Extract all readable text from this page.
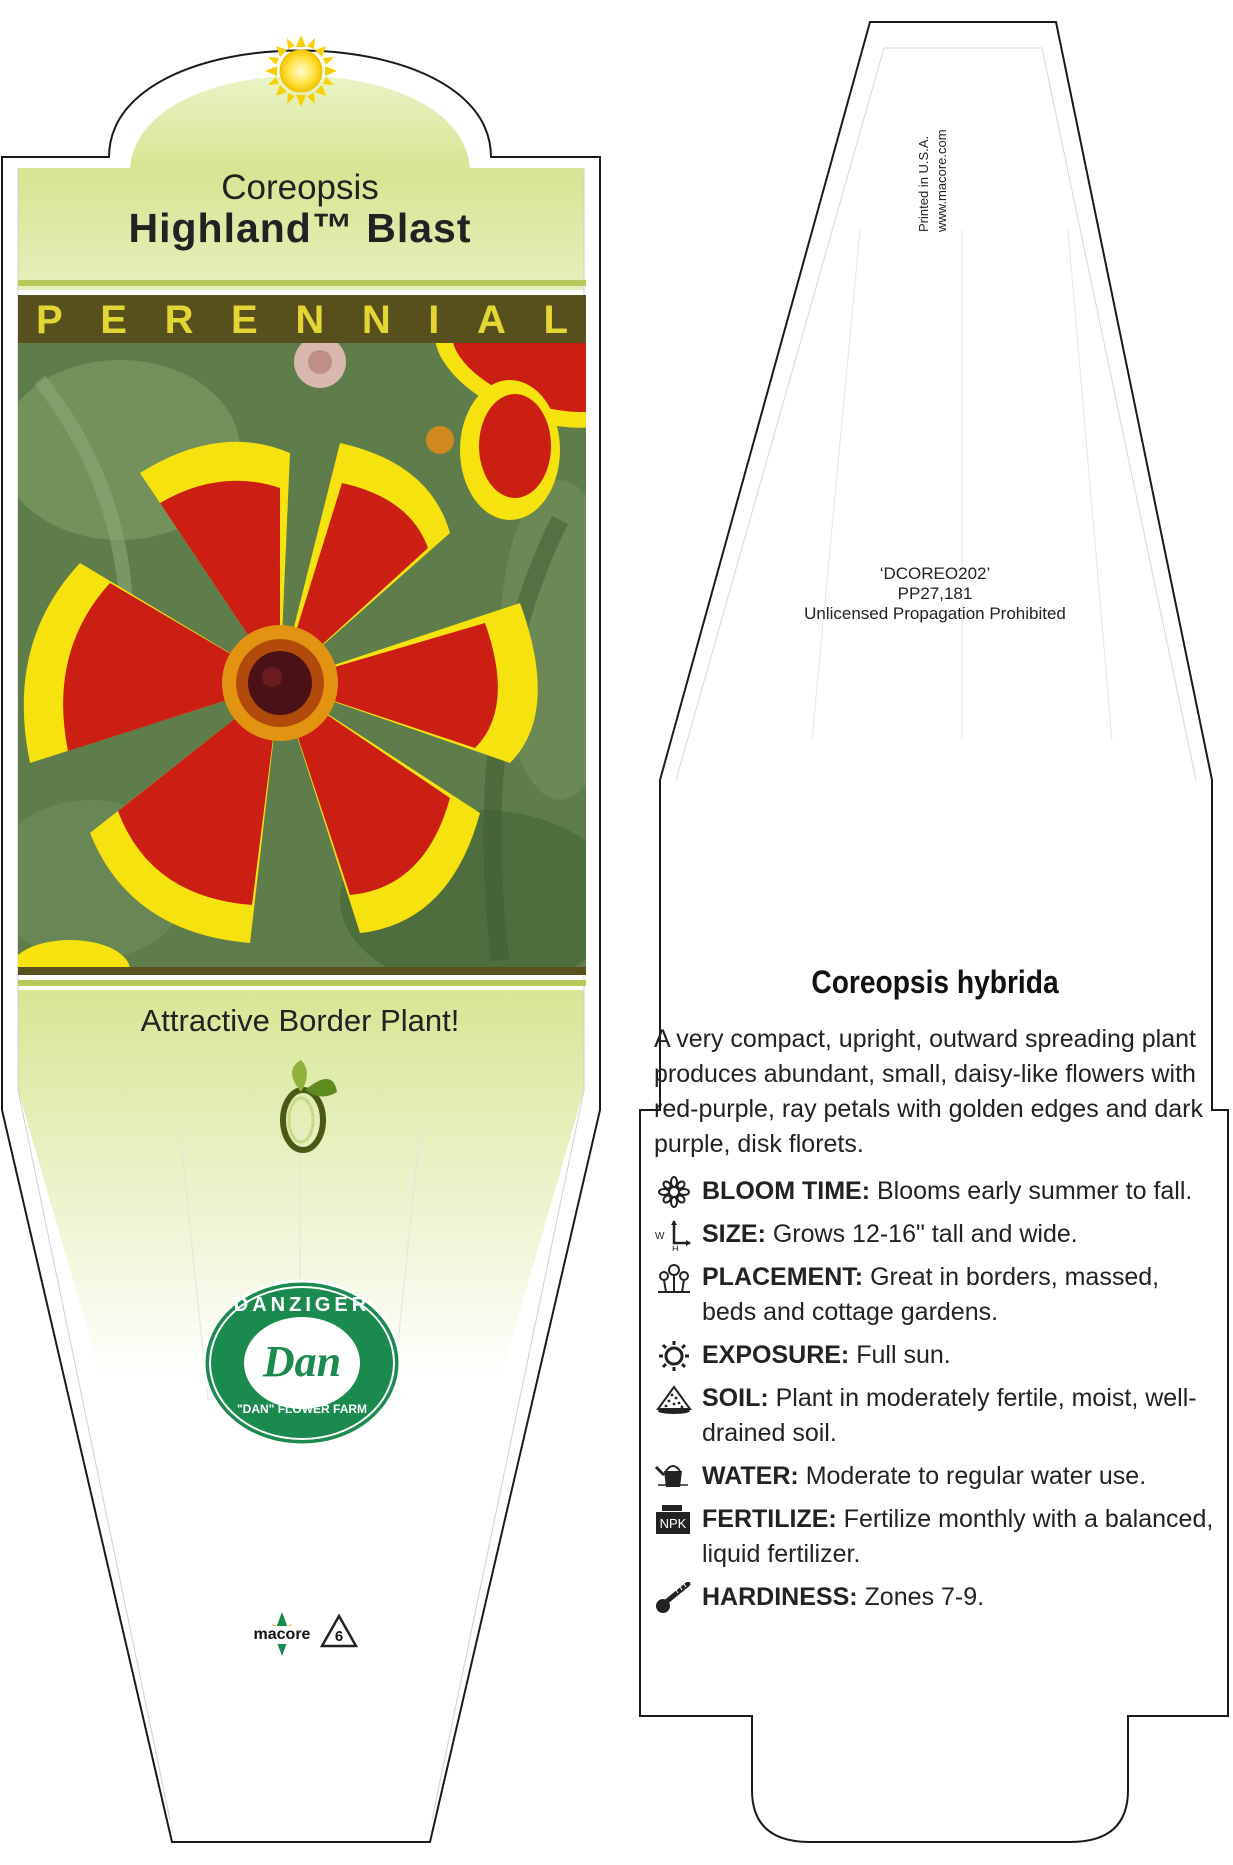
Coreopsis
Highland™ Blast
P E R E N N I A L
Attractive Border Plant!
DANZIGER
Dan
"DAN" FLOWER FARM
macore	6
Printed in U.S.A. www.macore.com
‘DCOREO202’
PP27,181
Unlicensed Propagation Prohibited
Coreopsis hybrida

A very compact, upright, outward spreading plant produces abundant, small, daisy-like flowers with red-purple, ray petals with golden edges and dark purple, disk florets.

BLOOM TIME: Blooms early summer to fall.
W
H
SIZE: Grows 12-16" tall and wide.
PLACEMENT: Great in borders, massed, beds and cottage gardens.
EXPOSURE: Full sun.
SOIL: Plant in moderately fertile, moist, well-drained soil.
WATER: Moderate to regular water use.
NPK FERTILIZE: Fertilize monthly with a balanced, liquid fertilizer.
HARDINESS: Zones 7-9.
